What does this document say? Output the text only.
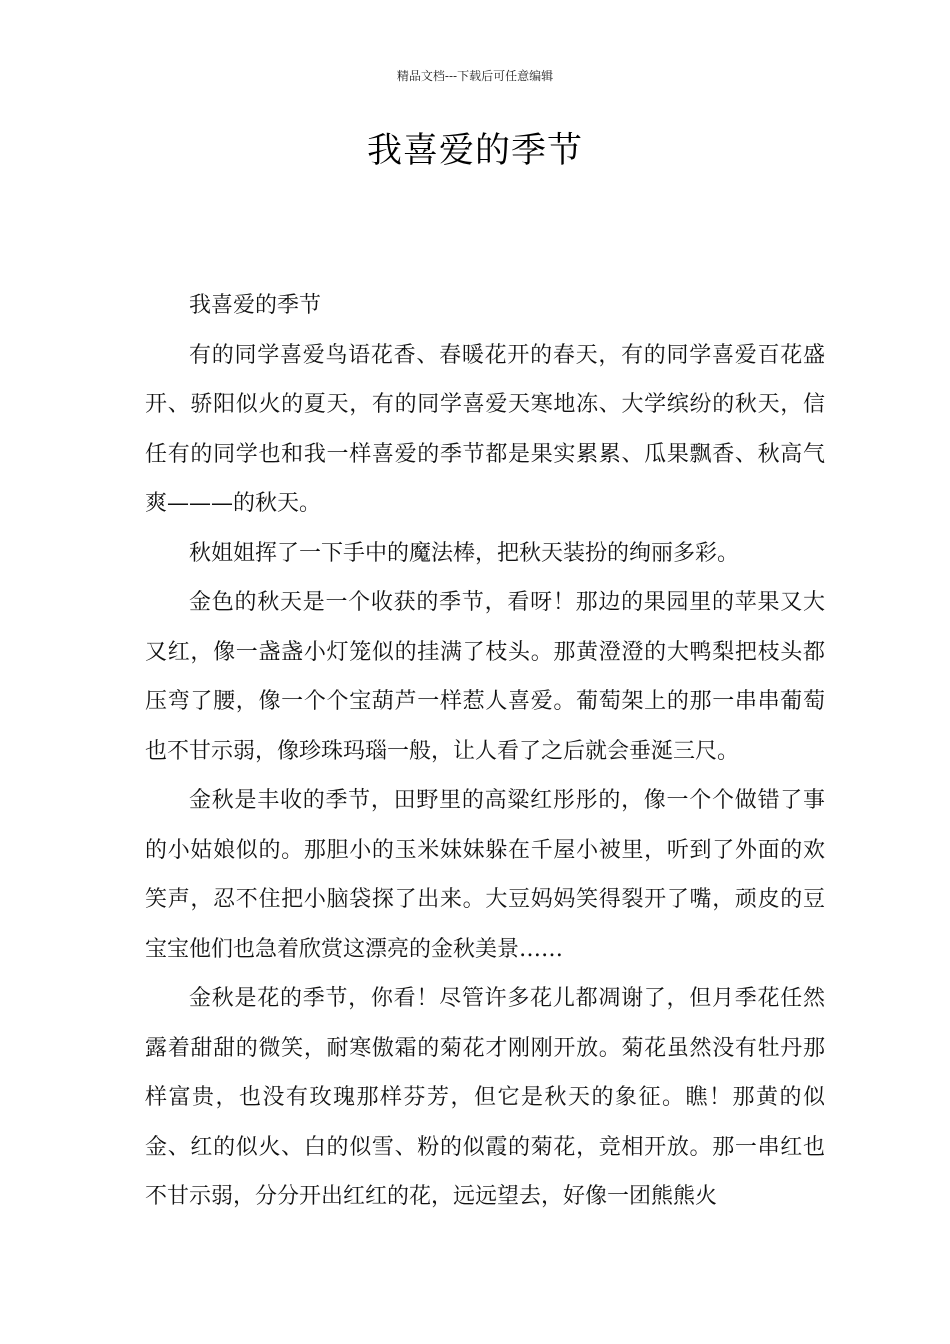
精品文档---下载后可任意编辑
我喜爱的季节

我喜爱的季节

有的同学喜爱鸟语花香、春暖花开的春天，有的同学喜爱百花盛开、骄阳似火的夏天，有的同学喜爱天寒地冻、大学缤纷的秋天，信任有的同学也和我一样喜爱的季节都是果实累累、瓜果飘香、秋高气爽———的秋天。

秋姐姐挥了一下手中的魔法棒，把秋天装扮的绚丽多彩。

金色的秋天是一个收获的季节，看呀！那边的果园里的苹果又大又红，像一盏盏小灯笼似的挂满了枝头。那黄澄澄的大鸭梨把枝头都压弯了腰，像一个个宝葫芦一样惹人喜爱。葡萄架上的那一串串葡萄也不甘示弱，像珍珠玛瑙一般，让人看了之后就会垂涎三尺。

金秋是丰收的季节，田野里的高粱红彤彤的，像一个个做错了事的小姑娘似的。那胆小的玉米妹妹躲在千屋小被里，听到了外面的欢笑声，忍不住把小脑袋探了出来。大豆妈妈笑得裂开了嘴，顽皮的豆宝宝他们也急着欣赏这漂亮的金秋美景……

金秋是花的季节，你看！尽管许多花儿都凋谢了，但月季花任然露着甜甜的微笑，耐寒傲霜的菊花才刚刚开放。菊花虽然没有牡丹那样富贵，也没有玫瑰那样芬芳，但它是秋天的象征。瞧！那黄的似金、红的似火、白的似雪、粉的似霞的菊花，竞相开放。那一串红也不甘示弱，分分开出红红的花，远远望去，好像一团熊熊火
